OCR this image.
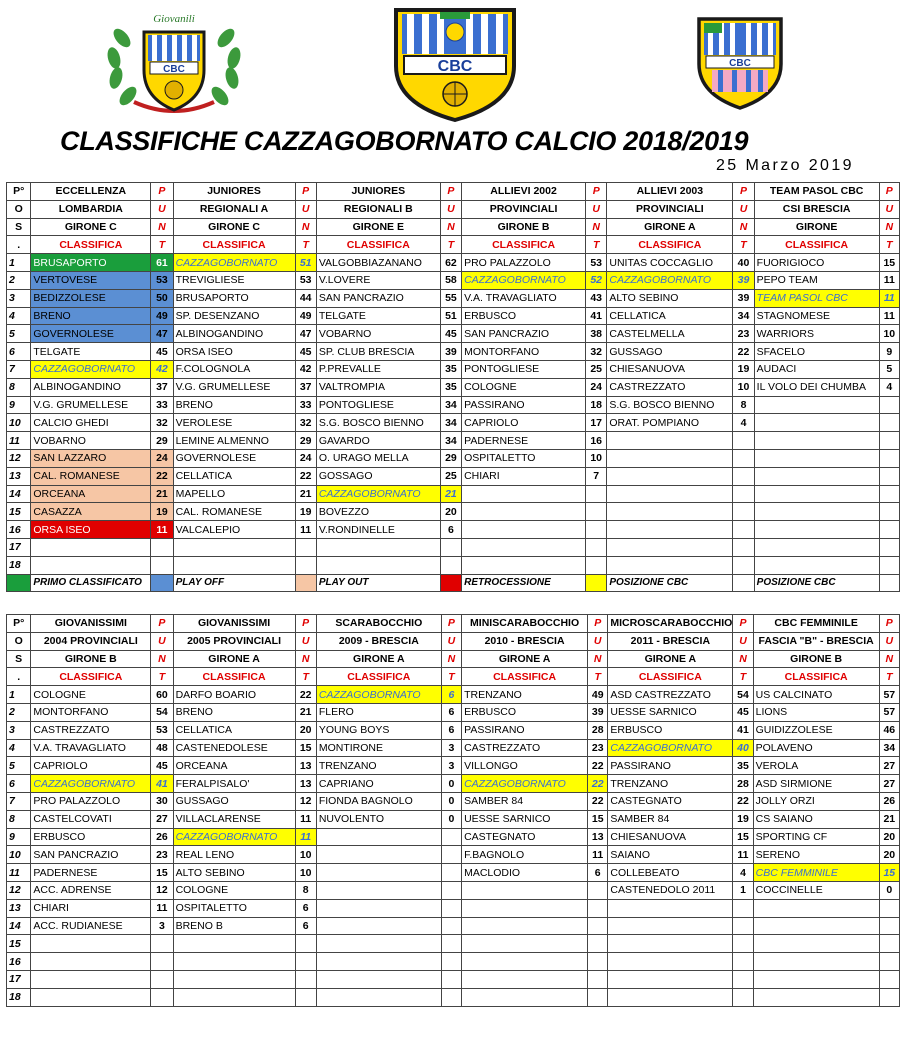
CBC
Giovanili
CBC	CBC
CLASSIFICHE CAZZAGOBORNATO CALCIO 2018/2019
25 Marzo 2019
P°	ECCELLENZA	P	JUNIORES	P	JUNIORES	P	ALLIEVI 2002	P	ALLIEVI 2003	P	TEAM PASOL CBC	P
O	LOMBARDIA	U	REGIONALI A	U	REGIONALI B	U	PROVINCIALI	U	PROVINCIALI	U	CSI BRESCIA	U
S	GIRONE C	N	GIRONE C	N	GIRONE E	N	GIRONE B	N	GIRONE A	N	GIRONE	N
.	CLASSIFICA	T	CLASSIFICA	T	CLASSIFICA	T	CLASSIFICA	T	CLASSIFICA	T	CLASSIFICA	T
1	BRUSAPORTO	61	CAZZAGOBORNATO	51	VALGOBBIAZANANO	62	PRO PALAZZOLO	53	UNITAS COCCAGLIO	40	FUORIGIOCO	15
2	VERTOVESE	53	TREVIGLIESE	53	V.LOVERE	58	CAZZAGOBORNATO	52	CAZZAGOBORNATO	39	PEPO TEAM	11
3	BEDIZZOLESE	50	BRUSAPORTO	44	SAN PANCRAZIO	55	V.A. TRAVAGLIATO	43	ALTO SEBINO	39	TEAM PASOL CBC	11
4	BRENO	49	SP. DESENZANO	49	TELGATE	51	ERBUSCO	41	CELLATICA	34	STAGNOMESE	11
5	GOVERNOLESE	47	ALBINOGANDINO	47	VOBARNO	45	SAN PANCRAZIO	38	CASTELMELLA	23	WARRIORS	10
6	TELGATE	45	ORSA ISEO	45	SP. CLUB BRESCIA	39	MONTORFANO	32	GUSSAGO	22	SFACELO	9
7	CAZZAGOBORNATO	42	F.COLOGNOLA	42	P.PREVALLE	35	PONTOGLIESE	25	CHIESANUOVA	19	AUDACI	5
8	ALBINOGANDINO	37	V.G. GRUMELLESE	37	VALTROMPIA	35	COLOGNE	24	CASTREZZATO	10	IL VOLO DEI CHUMBA	4
9	V.G. GRUMELLESE	33	BRENO	33	PONTOGLIESE	34	PASSIRANO	18	S.G. BOSCO BIENNO	8		
10	CALCIO GHEDI	32	VEROLESE	32	S.G. BOSCO BIENNO	34	CAPRIOLO	17	ORAT. POMPIANO	4		
11	VOBARNO	29	LEMINE ALMENNO	29	GAVARDO	34	PADERNESE	16				
12	SAN LAZZARO	24	GOVERNOLESE	24	O. URAGO MELLA	29	OSPITALETTO	10				
13	CAL. ROMANESE	22	CELLATICA	22	GOSSAGO	25	CHIARI	7				
14	ORCEANA	21	MAPELLO	21	CAZZAGOBORNATO	21						
15	CASAZZA	19	CAL. ROMANESE	19	BOVEZZO	20						
16	ORSA ISEO	11	VALCALEPIO	11	V.RONDINELLE	6						
17												
18												
	PRIMO CLASSIFICATO		PLAY OFF		PLAY OUT		RETROCESSIONE		POSIZIONE CBC		POSIZIONE CBC	
P°	GIOVANISSIMI	P	GIOVANISSIMI	P	SCARABOCCHIO	P	MINISCARABOCCHIO	P	MICROSCARABOCCHIO	P	CBC FEMMINILE	P
O	2004 PROVINCIALI	U	2005 PROVINCIALI	U	2009 - BRESCIA	U	2010 - BRESCIA	U	2011 - BRESCIA	U	FASCIA "B" - BRESCIA	U
S	GIRONE B	N	GIRONE A	N	GIRONE A	N	GIRONE A	N	GIRONE A	N	GIRONE B	N
.	CLASSIFICA	T	CLASSIFICA	T	CLASSIFICA	T	CLASSIFICA	T	CLASSIFICA	T	CLASSIFICA	T
1	COLOGNE	60	DARFO BOARIO	22	CAZZAGOBORNATO	6	TRENZANO	49	ASD CASTREZZATO	54	US CALCINATO	57
2	MONTORFANO	54	BRENO	21	FLERO	6	ERBUSCO	39	UESSE SARNICO	45	LIONS	57
3	CASTREZZATO	53	CELLATICA	20	YOUNG BOYS	6	PASSIRANO	28	ERBUSCO	41	GUIDIZZOLESE	46
4	V.A. TRAVAGLIATO	48	CASTENEDOLESE	15	MONTIRONE	3	CASTREZZATO	23	CAZZAGOBORNATO	40	POLAVENO	34
5	CAPRIOLO	45	ORCEANA	13	TRENZANO	3	VILLONGO	22	PASSIRANO	35	VEROLA	27
6	CAZZAGOBORNATO	41	FERALPISALO'	13	CAPRIANO	0	CAZZAGOBORNATO	22	TRENZANO	28	ASD SIRMIONE	27
7	PRO PALAZZOLO	30	GUSSAGO	12	FIONDA BAGNOLO	0	SAMBER 84	22	CASTEGNATO	22	JOLLY ORZI	26
8	CASTELCOVATI	27	VILLACLARENSE	11	NUVOLENTO	0	UESSE SARNICO	15	SAMBER 84	19	CS SAIANO	21
9	ERBUSCO	26	CAZZAGOBORNATO	11			CASTEGNATO	13	CHIESANUOVA	15	SPORTING CF	20
10	SAN PANCRAZIO	23	REAL LENO	10			F.BAGNOLO	11	SAIANO	11	SERENO	20
11	PADERNESE	15	ALTO SEBINO	10			MACLODIO	6	COLLEBEATO	4	CBC FEMMINILE	15
12	ACC. ADRENSE	12	COLOGNE	8					CASTENEDOLO 2011	1	COCCINELLE	0
13	CHIARI	11	OSPITALETTO	6								
14	ACC. RUDIANESE	3	BRENO B	6								
15												
16												
17												
18												
